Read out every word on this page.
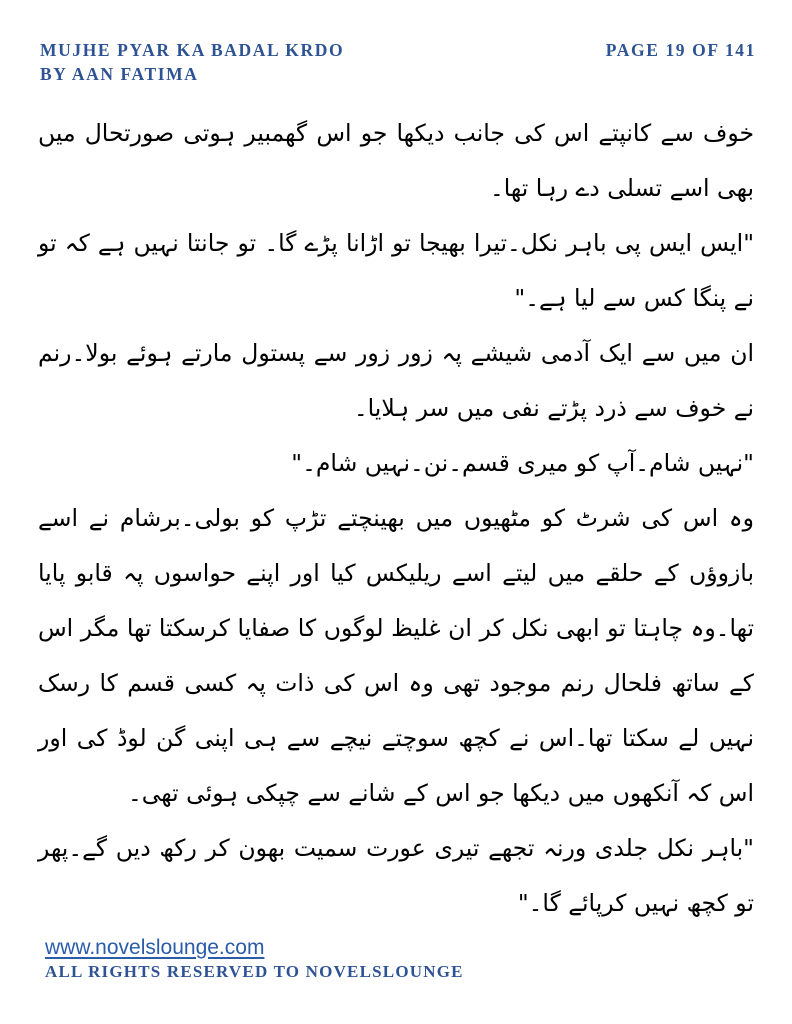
MUJHE PYAR KA BADAL KRDO	PAGE 19 OF 141
BY AAN FATIMA

خوف سے کانپتے اس کی جانب دیکھا جو اس گھمبیر ہوتی صورتحال میں بھی اسے تسلی دے رہا تھا۔

"ایس ایس پی باہر نکل۔تیرا بھیجا تو اڑانا پڑے گا۔ تو جانتا نہیں ہے کہ تو نے پنگا کس سے لیا ہے۔"

ان میں سے ایک آدمی شیشے پہ زور زور سے پستول مارتے ہوئے بولا۔رنم نے خوف سے ذرد پڑتے نفی میں سر ہلایا۔

"نہیں شام۔آپ کو میری قسم۔نن۔نہیں شام۔"

وہ اس کی شرٹ کو مٹھیوں میں بھینچتے تڑپ کو بولی۔برشام نے اسے بازوؤں کے حلقے میں لیتے اسے ریلیکس کیا اور اپنے حواسوں پہ قابو پایا تھا۔وہ چاہتا تو ابھی نکل کر ان غلیظ لوگوں کا صفایا کرسکتا تھا مگر اس کے ساتھ فلحال رنم موجود تھی وہ اس کی ذات پہ کسی قسم کا رسک نہیں لے سکتا تھا۔اس نے کچھ سوچتے نیچے سے ہی اپنی گن لوڈ کی اور اس کہ آنکھوں میں دیکھا جو اس کے شانے سے چپکی ہوئی تھی۔

"باہر نکل جلدی ورنہ تجھے تیری عورت سمیت بھون کر رکھ دیں گے۔پھر تو کچھ نہیں کرپائے گا۔"

www.novelslounge.com
ALL RIGHTS RESERVED TO NOVELSLOUNGE
